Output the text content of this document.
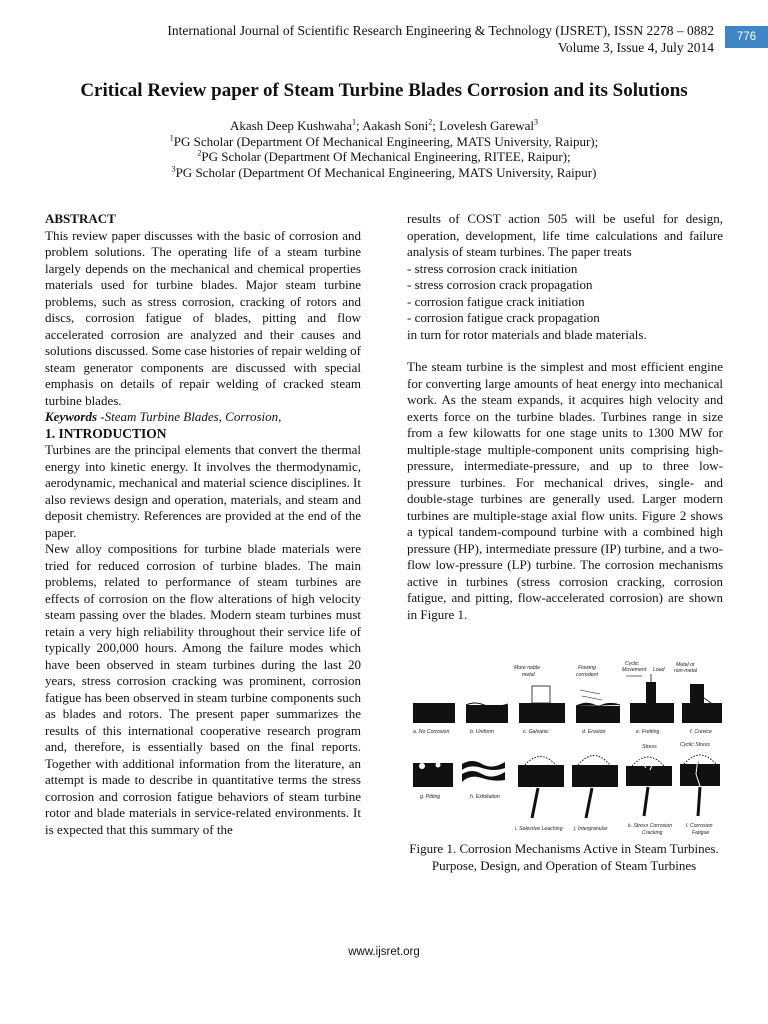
International Journal of Scientific Research Engineering & Technology (IJSRET), ISSN 2278 – 0882
Volume 3, Issue 4, July 2014
776
Critical Review paper of Steam Turbine Blades Corrosion and its Solutions
Akash Deep Kushwaha$^1$; Aakash Soni$^2$; Lovelesh Garewal$^3$
$^1$PG Scholar (Department Of Mechanical Engineering, MATS University, Raipur);
$^2$PG Scholar (Department Of Mechanical Engineering, RITEE, Raipur);
$^3$PG Scholar (Department Of Mechanical Engineering, MATS University, Raipur)

ABSTRACT

This review paper discusses with the basic of corrosion and problem solutions. The operating life of a steam turbine largely depends on the mechanical and chemical properties materials used for turbine blades. Major steam turbine problems, such as stress corrosion, cracking of rotors and discs, corrosion fatigue of blades, pitting and flow accelerated corrosion are analyzed and their causes and solutions discussed. Some case histories of repair welding of steam generator components are discussed with special emphasis on details of repair welding of cracked steam turbine blades.

Keywords -Steam Turbine Blades, Corrosion,

1. INTRODUCTION

Turbines are the principal elements that convert the thermal energy into kinetic energy. It involves the thermodynamic, aerodynamic, mechanical and material science disciplines. It also reviews design and operation, materials, and steam and deposit chemistry. References are provided at the end of the paper.

New alloy compositions for turbine blade materials were tried for reduced corrosion of turbine blades. The main problems, related to performance of steam turbines are effects of corrosion on the flow alterations of high velocity steam passing over the blades. Modern steam turbines must retain a very high reliability throughout their service life of typically 200,000 hours. Among the failure modes which have been observed in steam turbines during the last 20 years, stress corrosion cracking was prominent, corrosion fatigue has been observed in steam turbine components such as blades and rotors. The present paper summarizes the results of this international cooperative research program and, therefore, is essentially based on the final reports. Together with additional information from the literature, an attempt is made to describe in quantitative terms the stress corrosion and corrosion fatigue behaviors of steam turbine rotor and blade materials in service-related environments. It is expected that this summary of the

results of COST action 505 will be useful for design, operation, development, life time calculations and failure analysis of steam turbines. The paper treats

- stress corrosion crack initiation

- stress corrosion crack propagation

- corrosion fatigue crack initiation

- corrosion fatigue crack propagation

in turn for rotor materials and blade materials.

The steam turbine is the simplest and most efficient engine for converting large amounts of heat energy into mechanical work. As the steam expands, it acquires high velocity and exerts force on the turbine blades. Turbines range in size from a few kilowatts for one stage units to 1300 MW for multiple-stage multiple-component units comprising high-pressure, intermediate-pressure, and up to three low-pressure turbines. For mechanical drives, single- and double-stage turbines are generally used. Larger modern turbines are multiple-stage axial flow units. Figure 2 shows a typical tandem-compound turbine with a combined high pressure (HP), intermediate pressure (IP) turbine, and a two-flow low-pressure (LP) turbine. The corrosion mechanisms active in turbines (stress corrosion cracking, corrosion fatigue, and pitting, flow-accelerated corrosion) are shown in Figure 1.

More noble
metal
Flowing
corrodent
Cyclic
Movement Load
Metal or
non-metal
a. No Corrosion	b. Uniform	c. Galvanic	d. Erosion	e. Fretting	f. Crevice
Stress	Cyclic Stress
g. Pitting	h. Exfoliation
i. Selective Leaching j. Intergranular	k. Stress Corrosion
Cracking
l. Corrosion
Fatigue
Figure 1. Corrosion Mechanisms Active in Steam Turbines. Purpose, Design, and Operation of Steam Turbines
www.ijsret.org
